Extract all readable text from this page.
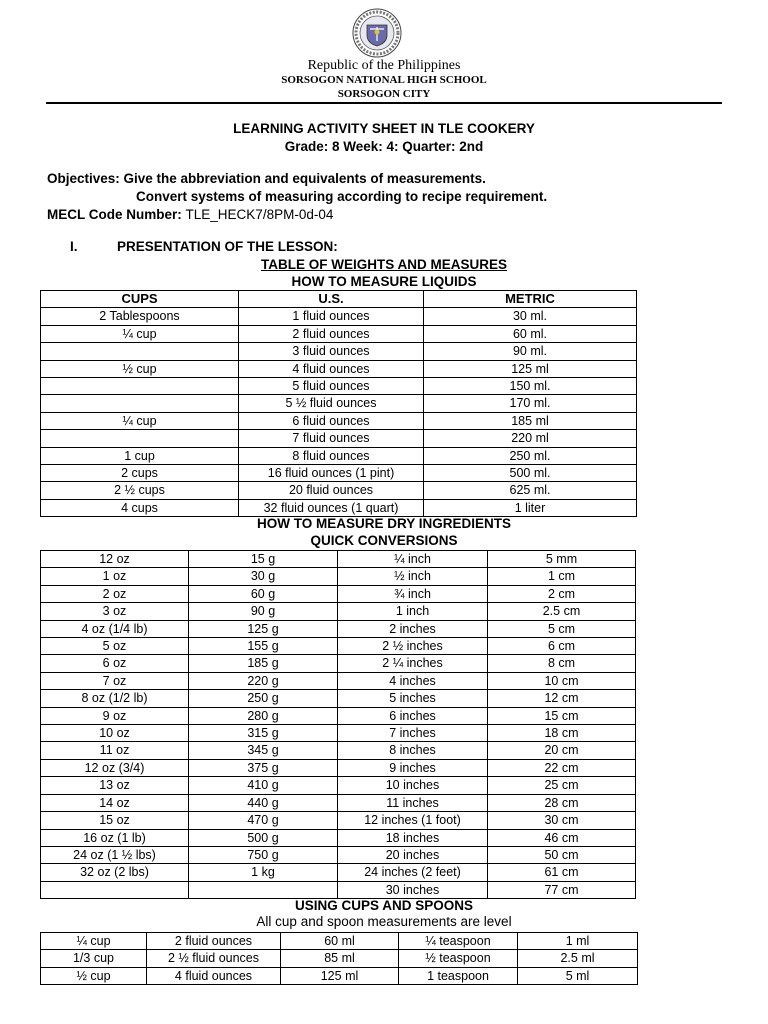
Republic of the Philippines
SORSOGON NATIONAL HIGH SCHOOL
SORSOGON CITY
LEARNING ACTIVITY SHEET IN TLE COOKERY
Grade: 8 Week: 4: Quarter: 2nd
Objectives: Give the abbreviation and equivalents of measurements.
Convert systems of measuring according to recipe requirement.
MECL Code Number: TLE_HECK7/8PM-0d-04
I.	PRESENTATION OF THE LESSON:
TABLE OF WEIGHTS AND MEASURES
HOW TO MEASURE LIQUIDS
CUPS	U.S.	METRIC
2 Tablespoons	1 fluid ounces	30 ml.
¼ cup	2 fluid ounces	60 ml.
	3 fluid ounces	90 ml.
½ cup	4 fluid ounces	125 ml
	5 fluid ounces	150 ml.
	5 ½ fluid ounces	170 ml.
¼ cup	6 fluid ounces	185 ml
	7 fluid ounces	220 ml
1 cup	8 fluid ounces	250 ml.
2 cups	16 fluid ounces (1 pint)	500 ml.
2 ½ cups	20 fluid ounces	625 ml.
4 cups	32 fluid ounces (1 quart)	1 liter
HOW TO MEASURE DRY INGREDIENTS
QUICK CONVERSIONS
12 oz	15 g	¼ inch	5 mm
1 oz	30 g	½ inch	1 cm
2 oz	60 g	¾ inch	2 cm
3 oz	90 g	1 inch	2.5 cm
4 oz (1/4 lb)	125 g	2 inches	5 cm
5 oz	155 g	2 ½ inches	6 cm
6 oz	185 g	2 ¼ inches	8 cm
7 oz	220 g	4 inches	10 cm
8 oz (1/2 lb)	250 g	5 inches	12 cm
9 oz	280 g	6 inches	15 cm
10 oz	315 g	7 inches	18 cm
11 oz	345 g	8 inches	20 cm
12 oz (3/4)	375 g	9 inches	22 cm
13 oz	410 g	10 inches	25 cm
14 oz	440 g	11 inches	28 cm
15 oz	470 g	12 inches (1 foot)	30 cm
16 oz (1 lb)	500 g	18 inches	46 cm
24 oz (1 ½ lbs)	750 g	20 inches	50 cm
32 oz (2 lbs)	1 kg	24 inches (2 feet)	61 cm
		30 inches	77 cm
USING CUPS AND SPOONS
All cup and spoon measurements are level
¼ cup	2 fluid ounces	60 ml	¼ teaspoon	1 ml
1/3 cup	2 ½ fluid ounces	85 ml	½ teaspoon	2.5 ml
½ cup	4 fluid ounces	125 ml	1 teaspoon	5 ml
